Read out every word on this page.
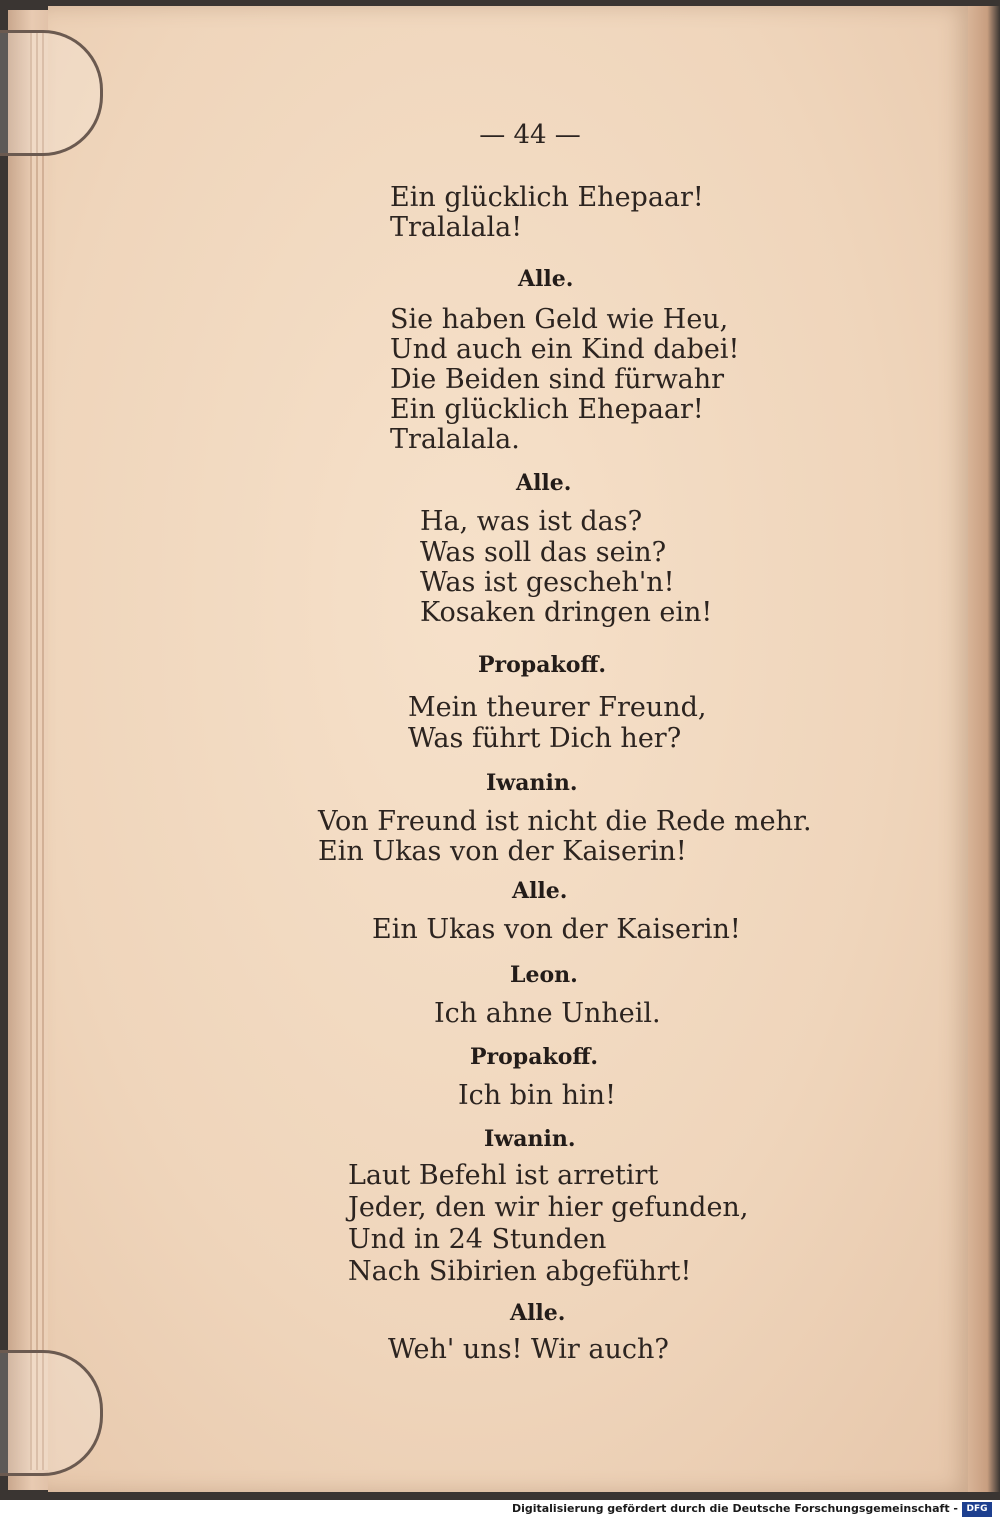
— 44 —
Ein glücklich Ehepaar!
Tralalala!
Alle.
Sie haben Geld wie Heu,
Und auch ein Kind dabei!
Die Beiden sind fürwahr
Ein glücklich Ehepaar!
Tralalala.
Alle.
Ha, was ist das?
Was soll das sein?
Was ist gescheh'n!
Kosaken dringen ein!
Propakoff.
Mein theurer Freund,
Was führt Dich her?
Iwanin.
Von Freund ist nicht die Rede mehr.
Ein Ukas von der Kaiserin!
Alle.
Ein Ukas von der Kaiserin!
Leon.
Ich ahne Unheil.
Propakoff.
Ich bin hin!
Iwanin.
Laut Befehl ist arretirt
Jeder, den wir hier gefunden,
Und in 24 Stunden
Nach Sibirien abgeführt!
Alle.
Weh' uns! Wir auch?
Digitalisierung gefördert durch die Deutsche Forschungsgemeinschaft - DFG
